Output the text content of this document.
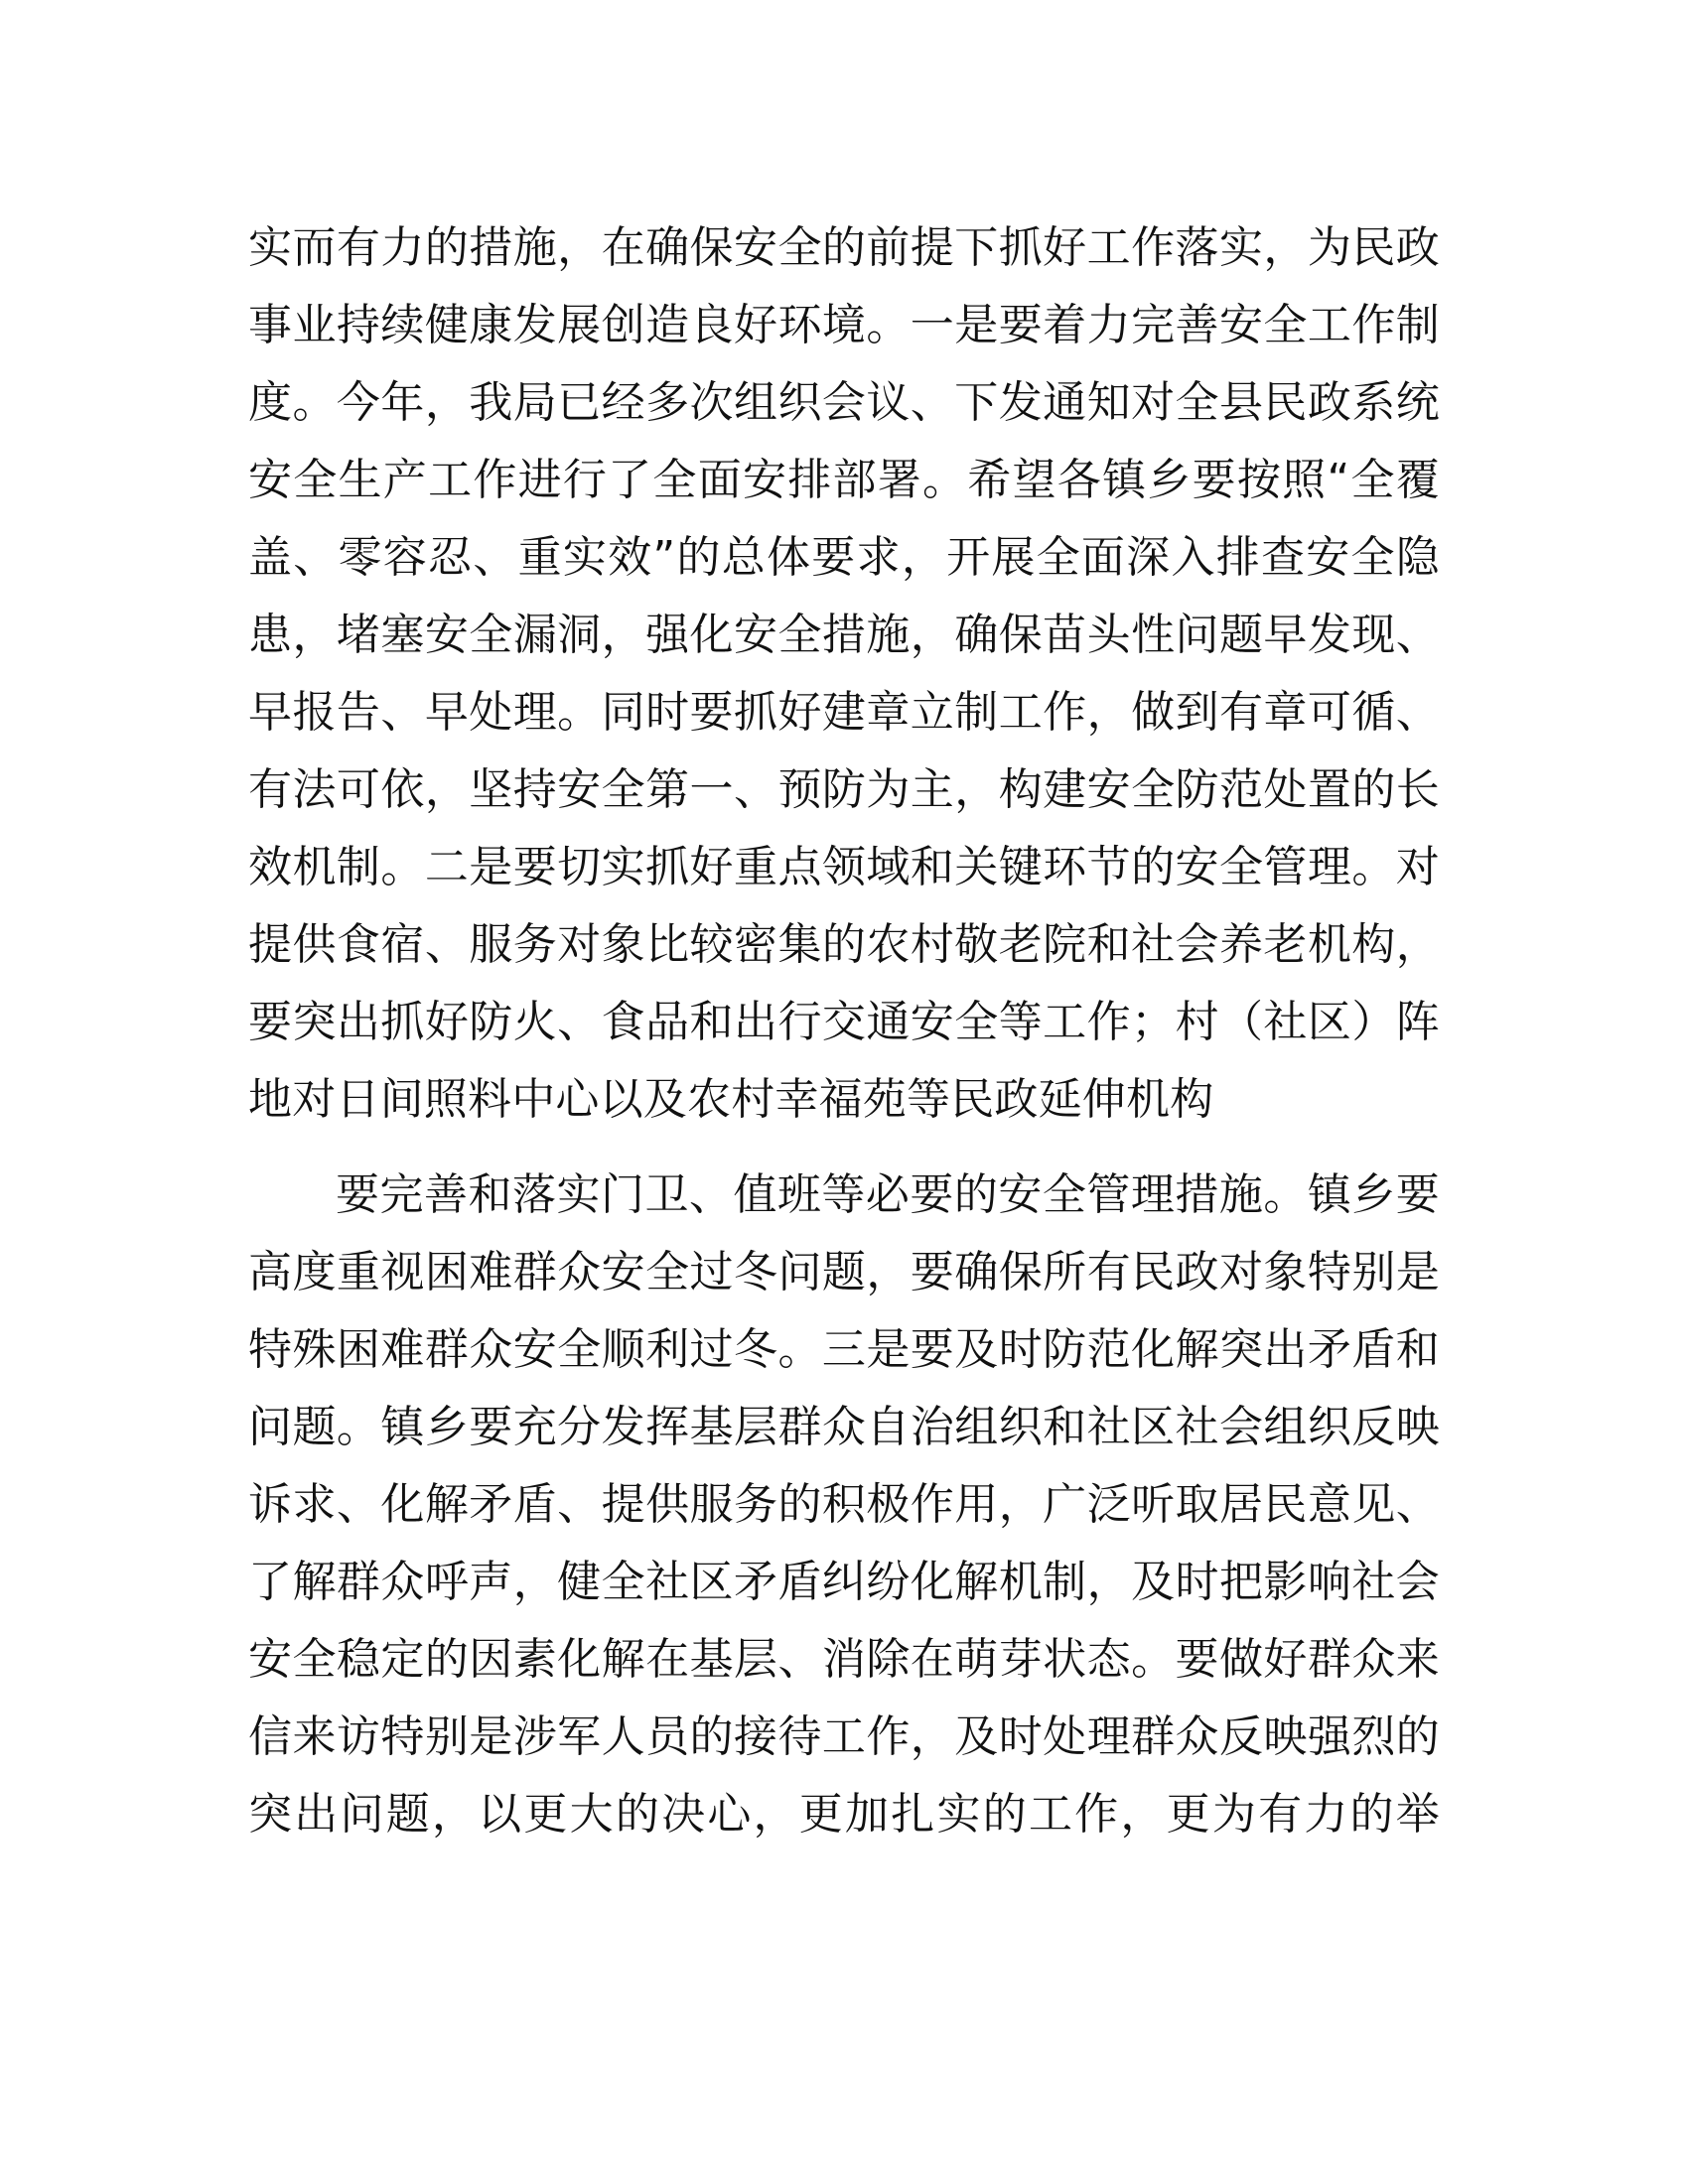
实而有力的措施，在确保安全的前提下抓好工作落实，为民政
事业持续健康发展创造良好环境。一是要着力完善安全工作制
度。今年，我局已经多次组织会议、下发通知对全县民政系统
安全生产工作进行了全面安排部署。希望各镇乡要按照“全覆
盖、零容忍、重实效”的总体要求，开展全面深入排查安全隐
患，堵塞安全漏洞，强化安全措施，确保苗头性问题早发现、
早报告、早处理。同时要抓好建章立制工作，做到有章可循、
有法可依，坚持安全第一、预防为主，构建安全防范处置的长
效机制。二是要切实抓好重点领域和关键环节的安全管理。对
提供食宿、服务对象比较密集的农村敬老院和社会养老机构，
要突出抓好防火、食品和出行交通安全等工作；村（社区）阵
地对日间照料中心以及农村幸福苑等民政延伸机构
要完善和落实门卫、值班等必要的安全管理措施。镇乡要
高度重视困难群众安全过冬问题，要确保所有民政对象特别是
特殊困难群众安全顺利过冬。三是要及时防范化解突出矛盾和
问题。镇乡要充分发挥基层群众自治组织和社区社会组织反映
诉求、化解矛盾、提供服务的积极作用，广泛听取居民意见、
了解群众呼声，健全社区矛盾纠纷化解机制，及时把影响社会
安全稳定的因素化解在基层、消除在萌芽状态。要做好群众来
信来访特别是涉军人员的接待工作，及时处理群众反映强烈的
突出问题，以更大的决心，更加扎实的工作，更为有力的举
